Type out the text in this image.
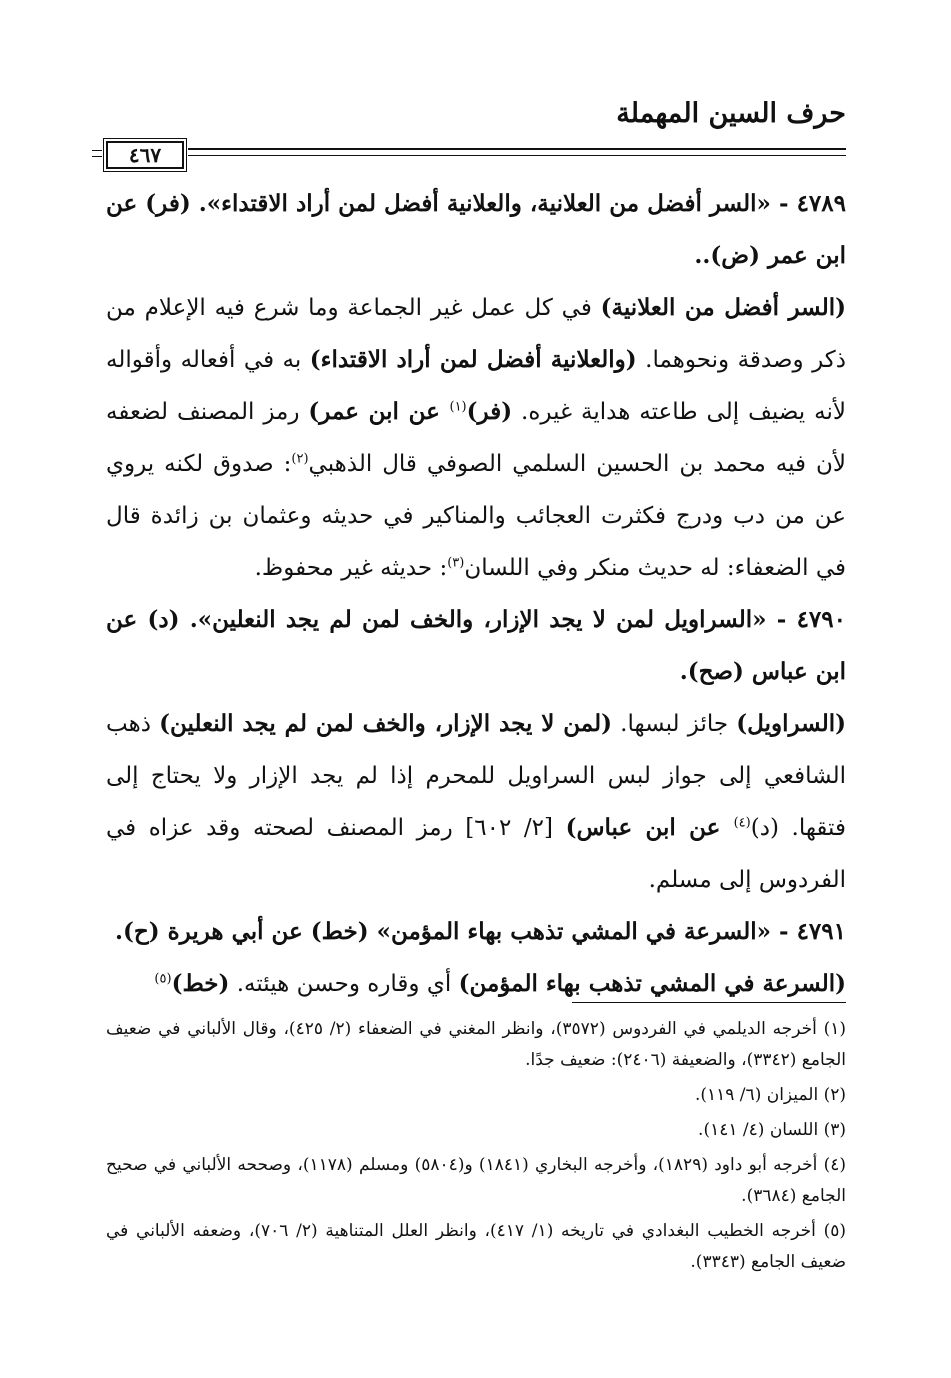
حرف السين المهملة
٤٦٧

٤٧٨٩ - «السر أفضل من العلانية، والعلانية أفضل لمن أراد الاقتداء». (فر) عن ابن عمر (ض)..

(السر أفضل من العلانية) في كل عمل غير الجماعة وما شرع فيه الإعلام من ذكر وصدقة ونحوهما. (والعلانية أفضل لمن أراد الاقتداء) به في أفعاله وأقواله لأنه يضيف إلى طاعته هداية غيره. (فر)$^{(١)}$ عن ابن عمر) رمز المصنف لضعفه لأن فيه محمد بن الحسين السلمي الصوفي قال الذهبي$^{(٢)}$: صدوق لكنه يروي عن من دب ودرج فكثرت العجائب والمناكير في حديثه وعثمان بن زائدة قال في الضعفاء: له حديث منكر وفي اللسان$^{(٣)}$: حديثه غير محفوظ.

٤٧٩٠ - «السراويل لمن لا يجد الإزار، والخف لمن لم يجد النعلين». (د) عن ابن عباس (صح).

(السراويل) جائز لبسها. (لمن لا يجد الإزار، والخف لمن لم يجد النعلين) ذهب الشافعي إلى جواز لبس السراويل للمحرم إذا لم يجد الإزار ولا يحتاج إلى فتقها. (د)$^{(٤)}$ عن ابن عباس) [٢/ ٦٠٢] رمز المصنف لصحته وقد عزاه في الفردوس إلى مسلم.

٤٧٩١ - «السرعة في المشي تذهب بهاء المؤمن» (خط) عن أبي هريرة (ح).

(السرعة في المشي تذهب بهاء المؤمن) أي وقاره وحسن هيئته. (خط)$^{(٥)}$

(١) أخرجه الديلمي في الفردوس (٣٥٧٢)، وانظر المغني في الضعفاء (٢/ ٤٢٥)، وقال الألباني في ضعيف الجامع (٣٣٤٢)، والضعيفة (٢٤٠٦): ضعيف جدًا.

(٢) الميزان (٦/ ١١٩).

(٣) اللسان (٤/ ١٤١).

(٤) أخرجه أبو داود (١٨٢٩)، وأخرجه البخاري (١٨٤١) و(٥٨٠٤) ومسلم (١١٧٨)، وصححه الألباني في صحيح الجامع (٣٦٨٤).

(٥) أخرجه الخطيب البغدادي في تاريخه (١/ ٤١٧)، وانظر العلل المتناهية (٢/ ٧٠٦)، وضعفه الألباني في ضعيف الجامع (٣٣٤٣).
